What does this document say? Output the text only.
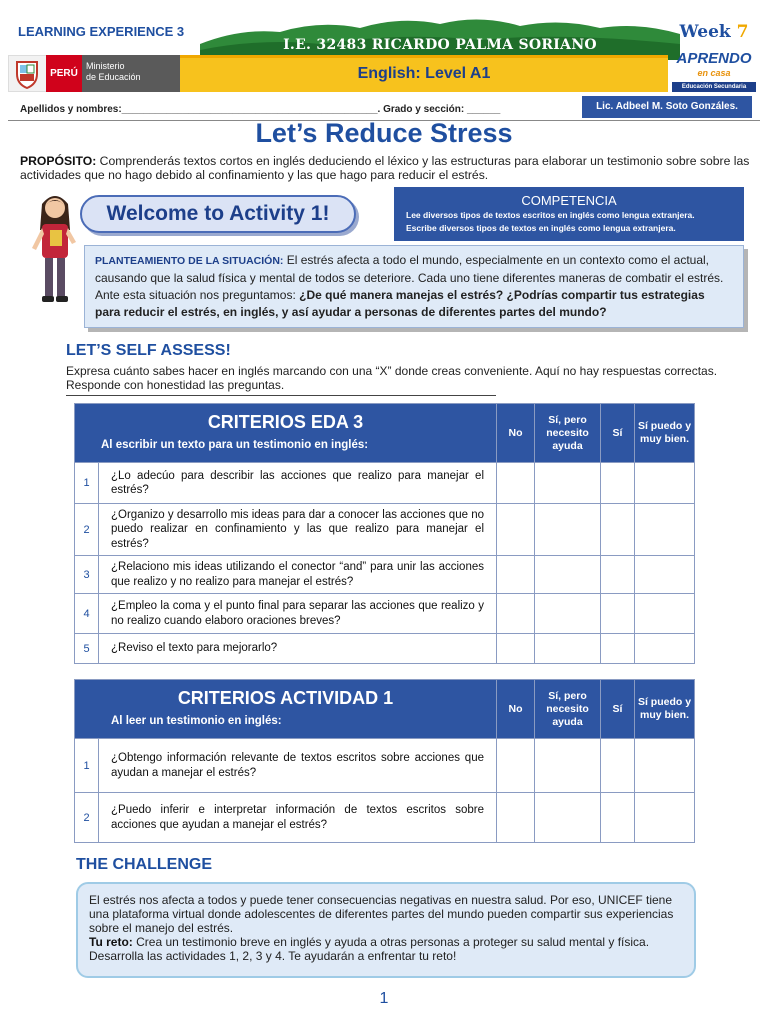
LEARNING EXPERIENCE 3
I.E. 32483 RICARDO PALMA SORIANO
PERÚ
Ministerio
de Educación	English: Level A1
Week 7
APRENDO
en casa
Educación Secundaria
Apellidos y nombres:______________________________________________. Grado y sección: ______	Lic. Adbeel M. Soto Gonzáles.
Let’s Reduce Stress
PROPÓSITO: Comprenderás textos cortos en inglés deduciendo el léxico y las estructuras para elaborar un testimonio sobre sobre las actividades que no hago debido al confinamiento y las que hago para reducir el estrés.
Welcome to Activity 1!
COMPETENCIA
Lee diversos tipos de textos escritos en inglés como lengua extranjera.
Escribe diversos tipos de textos en inglés como lengua extranjera.
PLANTEAMIENTO DE LA SITUACIÓN: El estrés afecta a todo el mundo, especialmente en un contexto como el actual, causando que la salud física y mental de todos se deteriore. Cada uno tiene diferentes maneras de combatir el estrés. Ante esta situación nos preguntamos: ¿De qué manera manejas el estrés? ¿Podrías compartir tus estrategias para reducir el estrés, en inglés, y así ayudar a personas de diferentes partes del mundo?
LET’S SELF ASSESS!
Expresa cuánto sabes hacer en inglés marcando con una “X” donde creas conveniente. Aquí no hay respuestas correctas. Responde con honestidad las preguntas.
CRITERIOS EDA 3
Al escribir un texto para un testimonio en inglés:		No	Sí, pero necesito ayuda	Sí	Sí puedo y muy bien.
1	¿Lo adecúo para describir las acciones que realizo para manejar el estrés?				
2	¿Organizo y desarrollo mis ideas para dar a conocer las acciones que no puedo realizar en confinamiento y las que realizo para manejar el estrés?				
3	¿Relaciono mis ideas utilizando el conector “and” para unir las acciones que realizo y no realizo para manejar el estrés?				
4	¿Empleo la coma y el punto final para separar las acciones que realizo y no realizo cuando elaboro oraciones breves?				
5	¿Reviso el texto para mejorarlo?				
CRITERIOS ACTIVIDAD 1
Al leer un testimonio en inglés:		No	Sí, pero necesito ayuda	Sí	Sí puedo y muy bien.
1	¿Obtengo información relevante de textos escritos sobre acciones que ayudan a manejar el estrés?				
2	¿Puedo inferir e interpretar información de textos escritos sobre acciones que ayudan a manejar el estrés?				
THE CHALLENGE
El estrés nos afecta a todos y puede tener consecuencias negativas en nuestra salud. Por eso, UNICEF tiene una plataforma virtual donde adolescentes de diferentes partes del mundo pueden compartir sus experiencias sobre el manejo del estrés.
Tu reto: Crea un testimonio breve en inglés y ayuda a otras personas a proteger su salud mental y física. Desarrolla las actividades 1, 2, 3 y 4. Te ayudarán a enfrentar tu reto!
1
